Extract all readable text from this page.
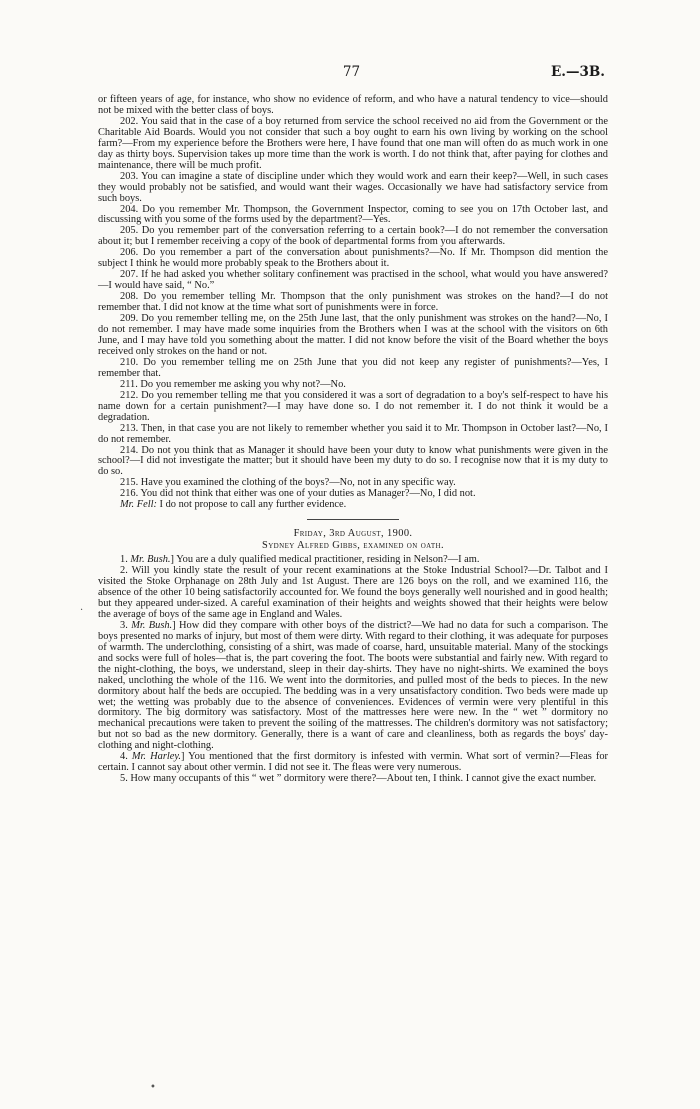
77	E.—3B.

or fifteen years of age, for instance, who show no evidence of reform, and who have a natural tendency to vice—should not be mixed with the better class of boys.

202. You said that in the case of a boy returned from service the school received no aid from the Government or the Charitable Aid Boards. Would you not consider that such a boy ought to earn his own living by working on the school farm?—From my experience before the Brothers were here, I have found that one man will often do as much work in one day as thirty boys. Supervision takes up more time than the work is worth. I do not think that, after paying for clothes and maintenance, there will be much profit.

203. You can imagine a state of discipline under which they would work and earn their keep?—Well, in such cases they would probably not be satisfied, and would want their wages. Occasionally we have had satisfactory service from such boys.

204. Do you remember Mr. Thompson, the Government Inspector, coming to see you on 17th October last, and discussing with you some of the forms used by the department?—Yes.

205. Do you remember part of the conversation referring to a certain book?—I do not remember the conversation about it; but I remember receiving a copy of the book of departmental forms from you afterwards.

206. Do you remember a part of the conversation about punishments?—No. If Mr. Thompson did mention the subject I think he would more probably speak to the Brothers about it.

207. If he had asked you whether solitary confinement was practised in the school, what would you have answered?—I would have said, “ No.”

208. Do you remember telling Mr. Thompson that the only punishment was strokes on the hand?—I do not remember that. I did not know at the time what sort of punishments were in force.

209. Do you remember telling me, on the 25th June last, that the only punishment was strokes on the hand?—No, I do not remember. I may have made some inquiries from the Brothers when I was at the school with the visitors on 6th June, and I may have told you something about the matter. I did not know before the visit of the Board whether the boys received only strokes on the hand or not.

210. Do you remember telling me on 25th June that you did not keep any register of punishments?—Yes, I remember that.

211. Do you remember me asking you why not?—No.

212. Do you remember telling me that you considered it was a sort of degradation to a boy's self-respect to have his name down for a certain punishment?—I may have done so. I do not remember it. I do not think it would be a degradation.

213. Then, in that case you are not likely to remember whether you said it to Mr. Thompson in October last?—No, I do not remember.

214. Do not you think that as Manager it should have been your duty to know what punishments were given in the school?—I did not investigate the matter; but it should have been my duty to do so. I recognise now that it is my duty to do so.

215. Have you examined the clothing of the boys?—No, not in any specific way.

216. You did not think that either was one of your duties as Manager?—No, I did not.

Mr. Fell: I do not propose to call any further evidence.

Friday, 3rd August, 1900.

Sydney Alfred Gibbs, examined on oath.

1. Mr. Bush.] You are a duly qualified medical practitioner, residing in Nelson?—I am.

2. Will you kindly state the result of your recent examinations at the Stoke Industrial School?—Dr. Talbot and I visited the Stoke Orphanage on 28th July and 1st August. There are 126 boys on the roll, and we examined 116, the absence of the other 10 being satisfactorily accounted for. We found the boys generally well nourished and in good health; but they appeared under-sized. A careful examination of their heights and weights showed that their heights were below the average of boys of the same age in England and Wales.

3. Mr. Bush.] How did they compare with other boys of the district?—We had no data for such a comparison. The boys presented no marks of injury, but most of them were dirty. With regard to their clothing, it was adequate for purposes of warmth. The underclothing, consisting of a shirt, was made of coarse, hard, unsuitable material. Many of the stockings and socks were full of holes—that is, the part covering the foot. The boots were substantial and fairly new. With regard to the night-clothing, the boys, we understand, sleep in their day-shirts. They have no night-shirts. We examined the boys naked, unclothing the whole of the 116. We went into the dormitories, and pulled most of the beds to pieces. In the new dormitory about half the beds are occupied. The bedding was in a very unsatisfactory condition. Two beds were made up wet; the wetting was probably due to the absence of conveniences. Evidences of vermin were very plentiful in this dormitory. The big dormitory was satisfactory. Most of the mattresses here were new. In the “ wet ” dormitory no mechanical precautions were taken to prevent the soiling of the mattresses. The children's dormitory was not satisfactory; but not so bad as the new dormitory. Generally, there is a want of care and cleanliness, both as regards the boys' day-clothing and night-clothing.

4. Mr. Harley.] You mentioned that the first dormitory is infested with vermin. What sort of vermin?—Fleas for certain. I cannot say about other vermin. I did not see it. The fleas were very numerous.

5. How many occupants of this “ wet ” dormitory were there?—About ten, I think. I cannot give the exact number.

·
•
